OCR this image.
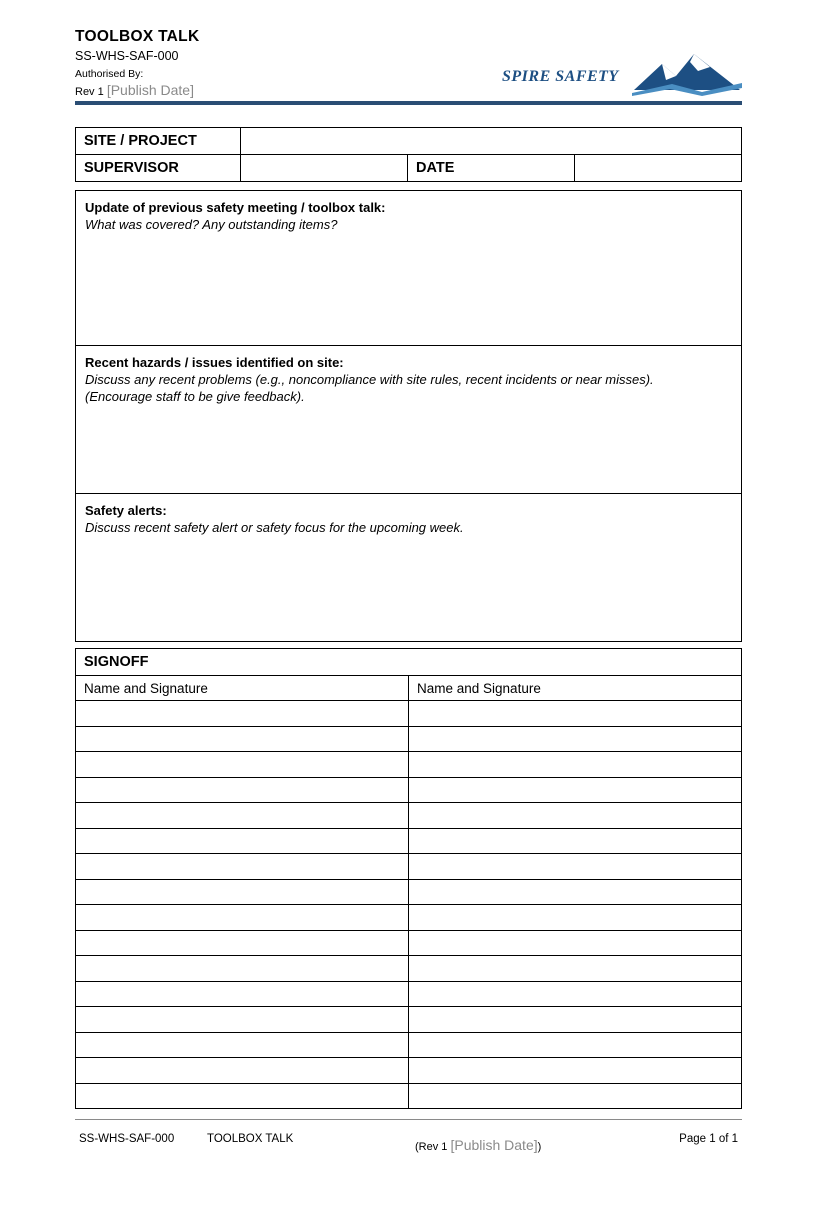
TOOLBOX TALK
SS-WHS-SAF-000
Authorised By:
Rev 1 [Publish Date]
SPIRE SAFETY
SITE / PROJECT			
SUPERVISOR		DATE	
Update of previous safety meeting / toolbox talk:
What was covered? Any outstanding items?
Recent hazards / issues identified on site:
Discuss any recent problems (e.g., noncompliance with site rules, recent incidents or near misses).
(Encourage staff to be give feedback).
Safety alerts:
Discuss recent safety alert or safety focus for the upcoming week.
SIGNOFF	
Name and Signature	Name and Signature

SS-WHS-SAF-000	TOOLBOX TALK
(Rev 1 [Publish Date])
Page 1 of 1
